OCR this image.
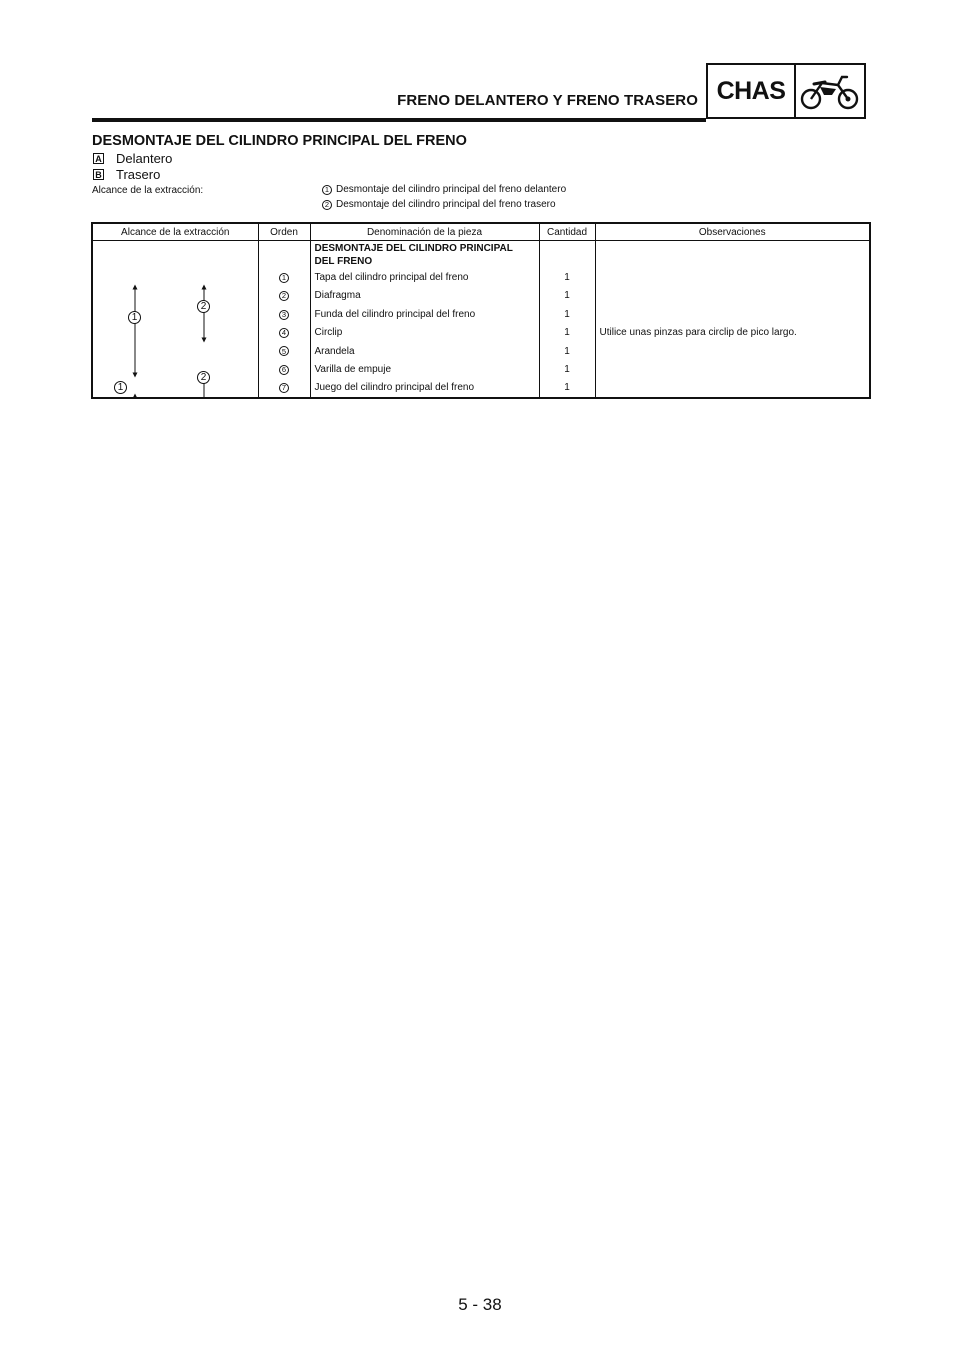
FRENO DELANTERO Y FRENO TRASERO CHAS
DESMONTAJE DEL CILINDRO PRINCIPAL DEL FRENO
A Delantero
B Trasero
Alcance de la extracción:	1 Desmontaje del cilindro principal del freno delantero
2 Desmontaje del cilindro principal del freno trasero
Alcance de la extracción	Orden	Denominación de la pieza	Cantidad	Observaciones

1
2
2
1		DESMONTAJE DEL CILINDRO PRINCIPAL DEL FRENO		
	1	Tapa del cilindro principal del freno	1	
	2	Diafragma	1	
	3	Funda del cilindro principal del freno	1	
	4	Circlip	1	Utilice unas pinzas para circlip de pico largo.
	5	Arandela	1	
	6	Varilla de empuje	1	
	7	Juego del cilindro principal del freno	1	
5 - 38
